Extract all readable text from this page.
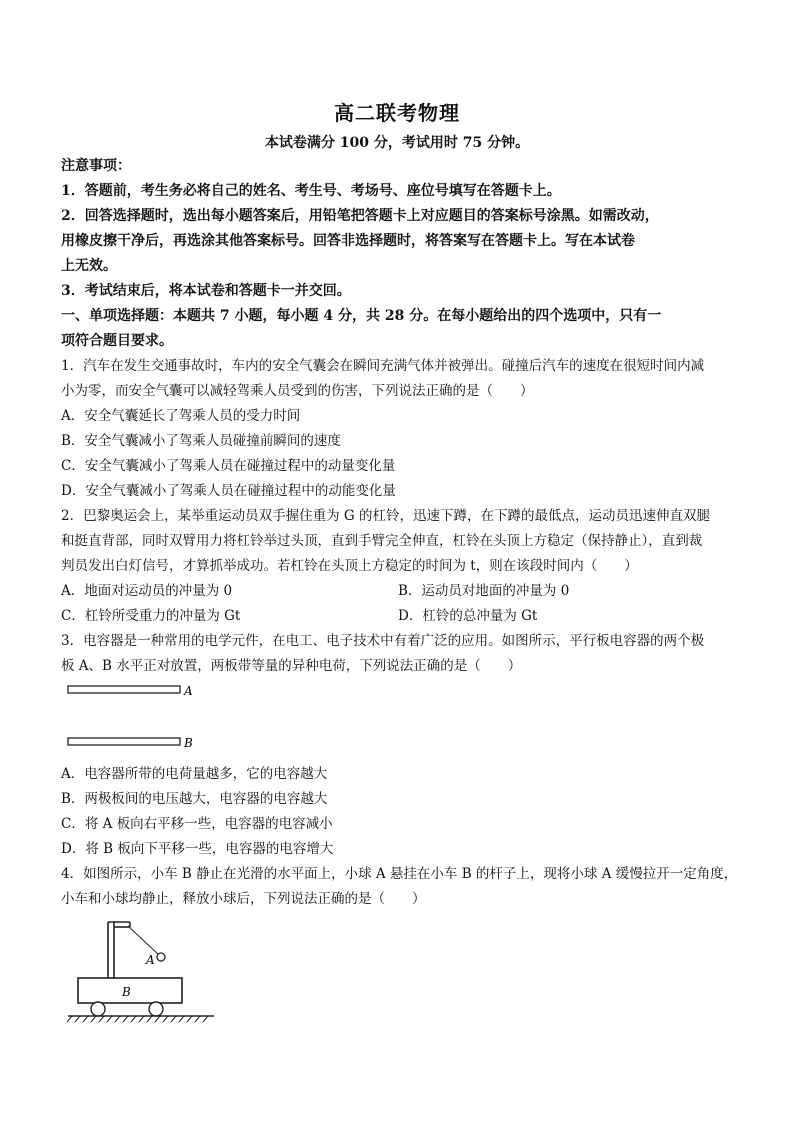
高二联考物理
本试卷满分 100 分，考试用时 75 分钟。
注意事项：
1．答题前，考生务必将自己的姓名、考生号、考场号、座位号填写在答题卡上。
2．回答选择题时，选出每小题答案后，用铅笔把答题卡上对应题目的答案标号涂黑。如需改动，
用橡皮擦干净后，再选涂其他答案标号。回答非选择题时，将答案写在答题卡上。写在本试卷
上无效。
3．考试结束后，将本试卷和答题卡一并交回。
一、单项选择题：本题共 7 小题，每小题 4 分，共 28 分。在每小题给出的四个选项中，只有一
项符合题目要求。
1．汽车在发生交通事故时，车内的安全气囊会在瞬间充满气体并被弹出。碰撞后汽车的速度在很短时间内减
小为零，而安全气囊可以减轻驾乘人员受到的伤害，下列说法正确的是（　　）
A．安全气囊延长了驾乘人员的受力时间
B．安全气囊减小了驾乘人员碰撞前瞬间的速度
C．安全气囊减小了驾乘人员在碰撞过程中的动量变化量
D．安全气囊减小了驾乘人员在碰撞过程中的动能变化量
2．巴黎奥运会上，某举重运动员双手握住重为 G 的杠铃，迅速下蹲，在下蹲的最低点，运动员迅速伸直双腿
和挺直背部，同时双臂用力将杠铃举过头顶，直到手臂完全伸直，杠铃在头顶上方稳定（保持静止），直到裁
判员发出白灯信号，才算抓举成功。若杠铃在头顶上方稳定的时间为 t，则在该段时间内（　　）
A．地面对运动员的冲量为 0	B．运动员对地面的冲量为 0
C．杠铃所受重力的冲量为 Gt	D．杠铃的总冲量为 Gt
3．电容器是一种常用的电学元件，在电工、电子技术中有着广泛的应用。如图所示，平行板电容器的两个极
板 A、B 水平正对放置，两板带等量的异种电荷，下列说法正确的是（　　）
A
B
A．电容器所带的电荷量越多，它的电容越大
B．两极板间的电压越大，电容器的电容越大
C．将 A 板向右平移一些，电容器的电容减小
D．将 B 板向下平移一些，电容器的电容增大
4．如图所示，小车 B 静止在光滑的水平面上，小球 A 悬挂在小车 B 的杆子上，现将小球 A 缓慢拉开一定角度，
小车和小球均静止，释放小球后，下列说法正确的是（　　）
A
B
